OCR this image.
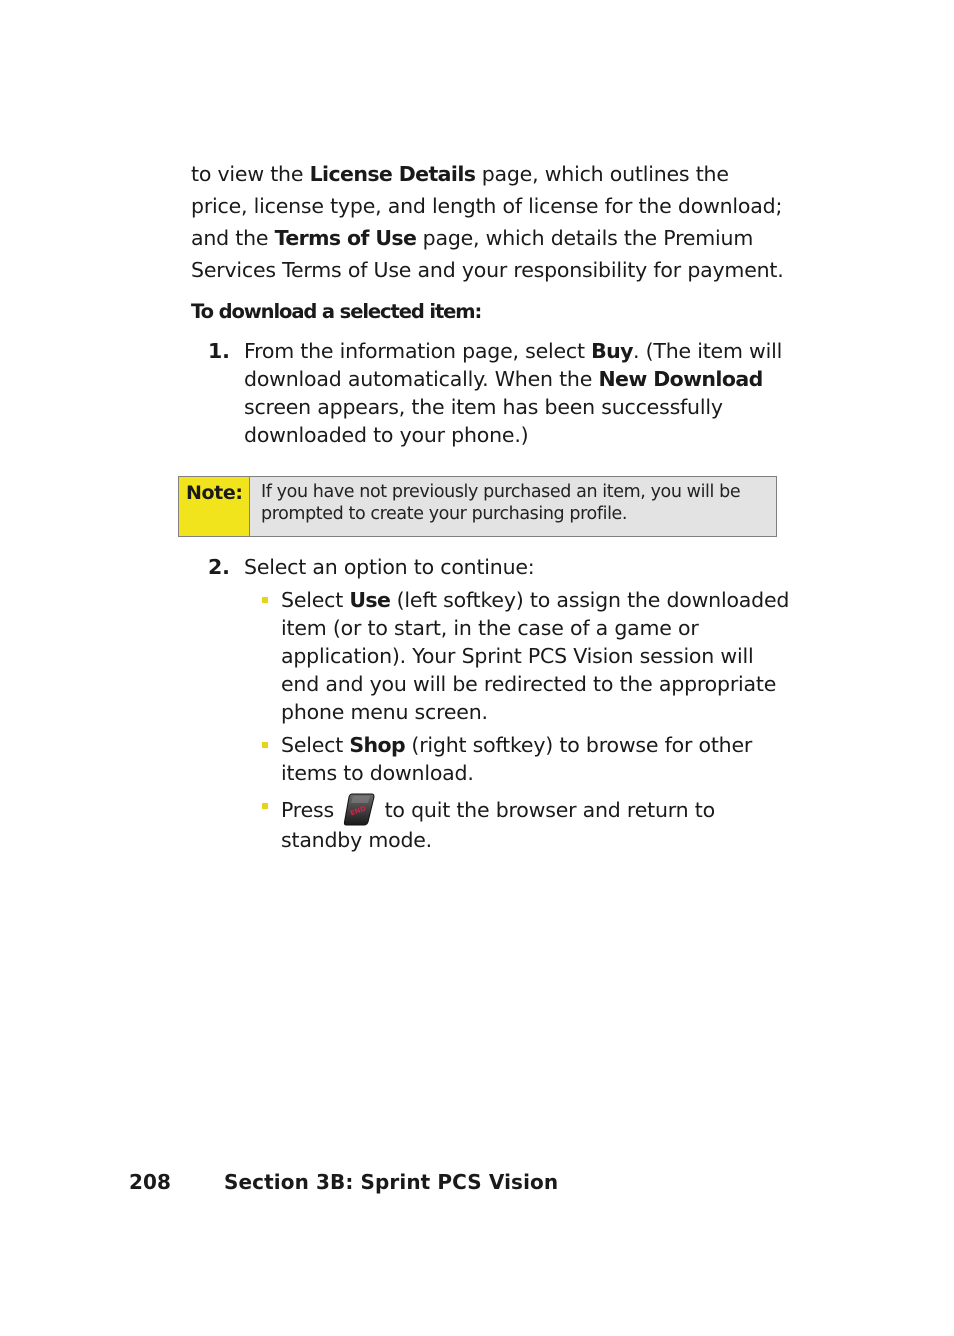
to view the License Details page, which outlines the price, license type, and length of license for the download; and the Terms of Use page, which details the Premium Services Terms of Use and your responsibility for payment.
To download a selected item:
1. From the information page, select Buy. (The item will download automatically. When the New Download screen appears, the item has been successfully downloaded to your phone.)
Note:	If you have not previously purchased an item, you will be prompted to create your purchasing profile.
2. Select an option to continue:
Select Use (left softkey) to assign the downloaded item (or to start, in the case of a game or application). Your Sprint PCS Vision session will end and you will be redirected to the appropriate phone menu screen.
Select Shop (right softkey) to browse for other items to download.
Press END to quit the browser and return to standby mode.
208	Section 3B: Sprint PCS Vision
